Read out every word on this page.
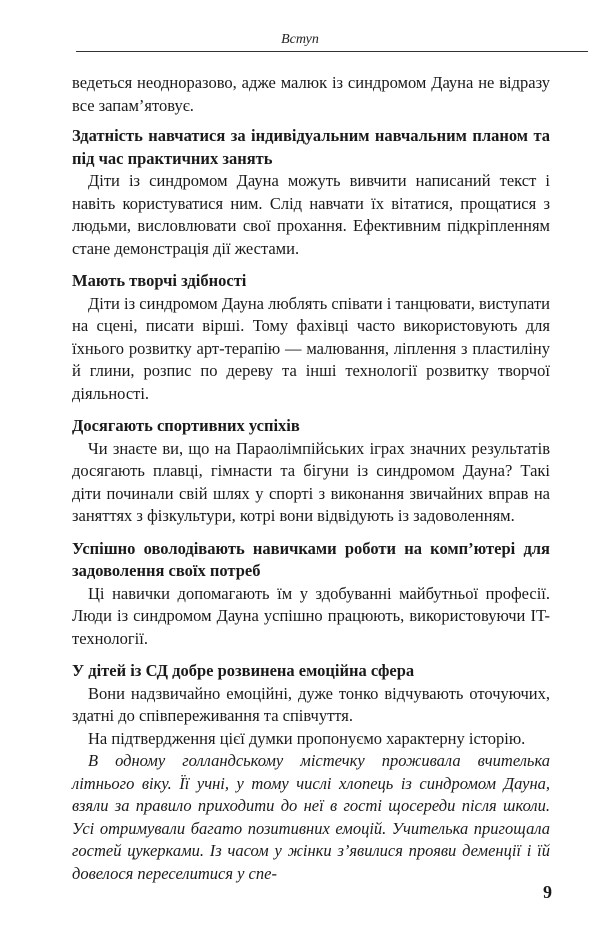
Вступ

ведеться неодноразово, адже малюк із синдромом Дауна не відразу все запам’ятовує.

Здатність навчатися за індивідуальним навчальним планом та під час практичних занять

Діти із синдромом Дауна можуть вивчити написаний текст і навіть користуватися ним. Слід навчати їх вітатися, прощатися з людьми, висловлювати свої прохання. Ефективним підкріпленням стане демонстрація дії жестами.

Мають творчі здібності

Діти із синдромом Дауна люблять співати і танцювати, виступати на сцені, писати вірші. Тому фахівці часто використовують для їхнього розвитку арт-терапію — малювання, ліплення з пластиліну й глини, розпис по дереву та інші технології розвитку творчої діяльності.

Досягають спортивних успіхів

Чи знаєте ви, що на Параолімпійських іграх значних результатів досягають плавці, гімнасти та бігуни із синдромом Дауна? Такі діти починали свій шлях у спорті з виконання звичайних вправ на заняттях з фізкультури, котрі вони відвідують із задоволенням.

Успішно оволодівають навичками роботи на комп’ютері для задоволення своїх потреб

Ці навички допомагають їм у здобуванні майбутньої професії. Люди із синдромом Дауна успішно працюють, використовуючи IT-технології.

У дітей із СД добре розвинена емоційна сфера

Вони надзвичайно емоційні, дуже тонко відчувають оточуючих, здатні до співпереживання та співчуття.

На підтвердження цієї думки пропонуємо характерну історію.

В одному голландському містечку проживала вчителька літнього віку. Її учні, у тому числі хлопець із синдромом Дауна, взяли за правило приходити до неї в гості щосереди після школи. Усі отримували багато позитивних емоцій. Учителька пригощала гостей цукерками. Із часом у жінки з’явилися прояви деменції і їй довелося переселитися у спе-

9
